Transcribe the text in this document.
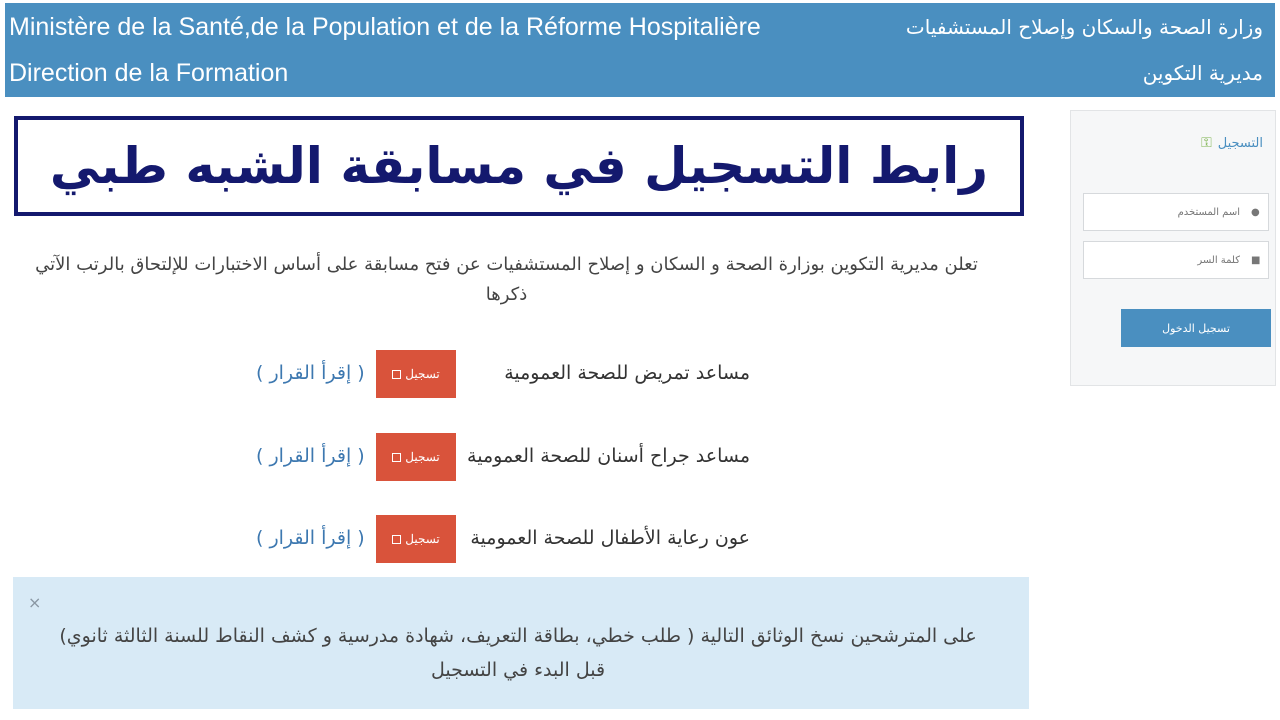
Ministère de la Santé,de la Population et de la Réforme Hospitalière
Direction de la Formation
وزارة الصحة والسكان وإصلاح المستشفيات
مديرية التكوين
رابط التسجيل في مسابقة الشبه طبي
تعلن مديرية التكوين بوزارة الصحة و السكان و إصلاح المستشفيات عن فتح مسابقة على أساس الاختبارات للإلتحاق بالرتب الآتي ذكرها
مساعد تمريض للصحة العمومية
تسجيل
( إقرأ القرار )
مساعد جراح أسنان للصحة العمومية
تسجيل
( إقرأ القرار )
عون رعاية الأطفال للصحة العمومية
تسجيل
( إقرأ القرار )
×
على المترشحين نسخ الوثائق التالية ( طلب خطي، بطاقة التعريف، شهادة مدرسية و كشف النقاط للسنة الثالثة ثانوي) قبل البدء في التسجيل
التسجيل
⚿
اسم المستخدم
●
■
تسجيل الدخول
